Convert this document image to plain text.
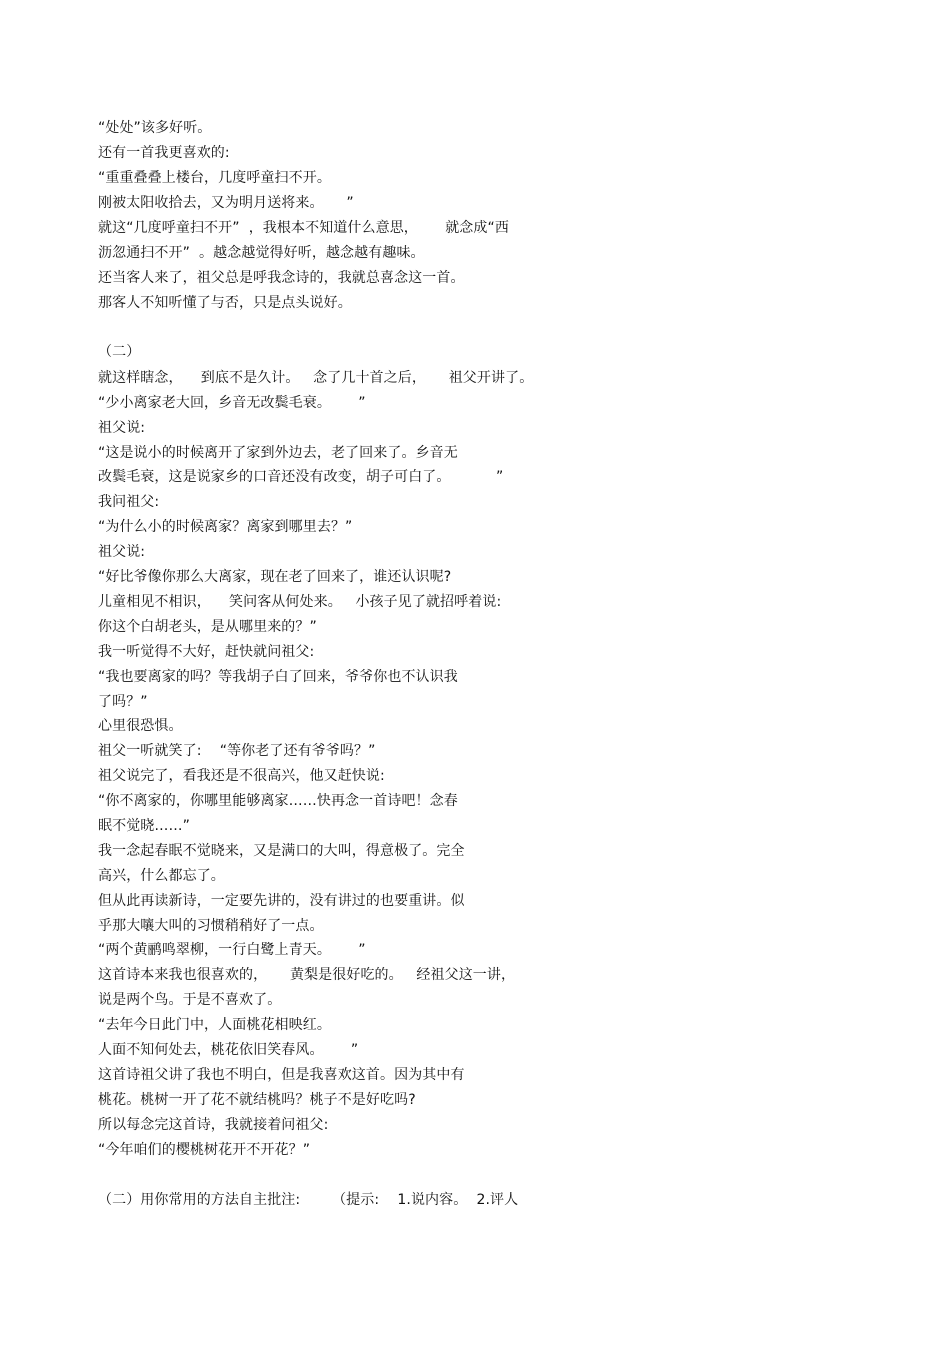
“处处”该多好听。
还有一首我更喜欢的:
“重重叠叠上楼台，几度呼童扫不开。
刚被太阳收拾去，又为明月送将来。     ”
就这“几度呼童扫不开”  ，我根本不知道什么意思，      就念成“西
沥忽通扫不开”  。越念越觉得好听，越念越有趣味。
还当客人来了，祖父总是呼我念诗的，我就总喜念这一首。
那客人不知听懂了与否，只是点头说好。
（二）
就这样瞎念，    到底不是久计。   念了几十首之后，     祖父开讲了。
“少小离家老大回，乡音无改鬓毛衰。      ”
祖父说:
“这是说小的时候离开了家到外边去，老了回来了。乡音无
改鬓毛衰，这是说家乡的口音还没有改变，胡子可白了。          ”
我问祖父:
“为什么小的时候离家？离家到哪里去？”
祖父说:
“好比爷像你那么大离家，现在老了回来了，谁还认识呢?
儿童相见不相识，    笑问客从何处来。   小孩子见了就招呼着说:
你这个白胡老头，是从哪里来的？”
我一听觉得不大好，赶快就问祖父:
“我也要离家的吗？等我胡子白了回来，爷爷你也不认识我
了吗？”
心里很恐惧。
祖父一听就笑了:    “等你老了还有爷爷吗？”
祖父说完了，看我还是不很高兴，他又赶快说:
“你不离家的，你哪里能够离家……快再念一首诗吧！念春
眠不觉晓……”
我一念起春眠不觉晓来，又是满口的大叫，得意极了。完全
高兴，什么都忘了。
但从此再读新诗，一定要先讲的，没有讲过的也要重讲。似
乎那大嚷大叫的习惯稍稍好了一点。
“两个黄鹂鸣翠柳，一行白鹭上青天。      ”
这首诗本来我也很喜欢的，     黄梨是很好吃的。   经祖父这一讲，
说是两个鸟。于是不喜欢了。
“去年今日此门中，人面桃花相映红。
人面不知何处去，桃花依旧笑春风。      ”
这首诗祖父讲了我也不明白，但是我喜欢这首。因为其中有
桃花。桃树一开了花不就结桃吗？桃子不是好吃吗?
所以每念完这首诗，我就接着问祖父:
“今年咱们的樱桃树花开不开花？”
（二）用你常用的方法自主批注:       （提示:    1.说内容。  2.评人
